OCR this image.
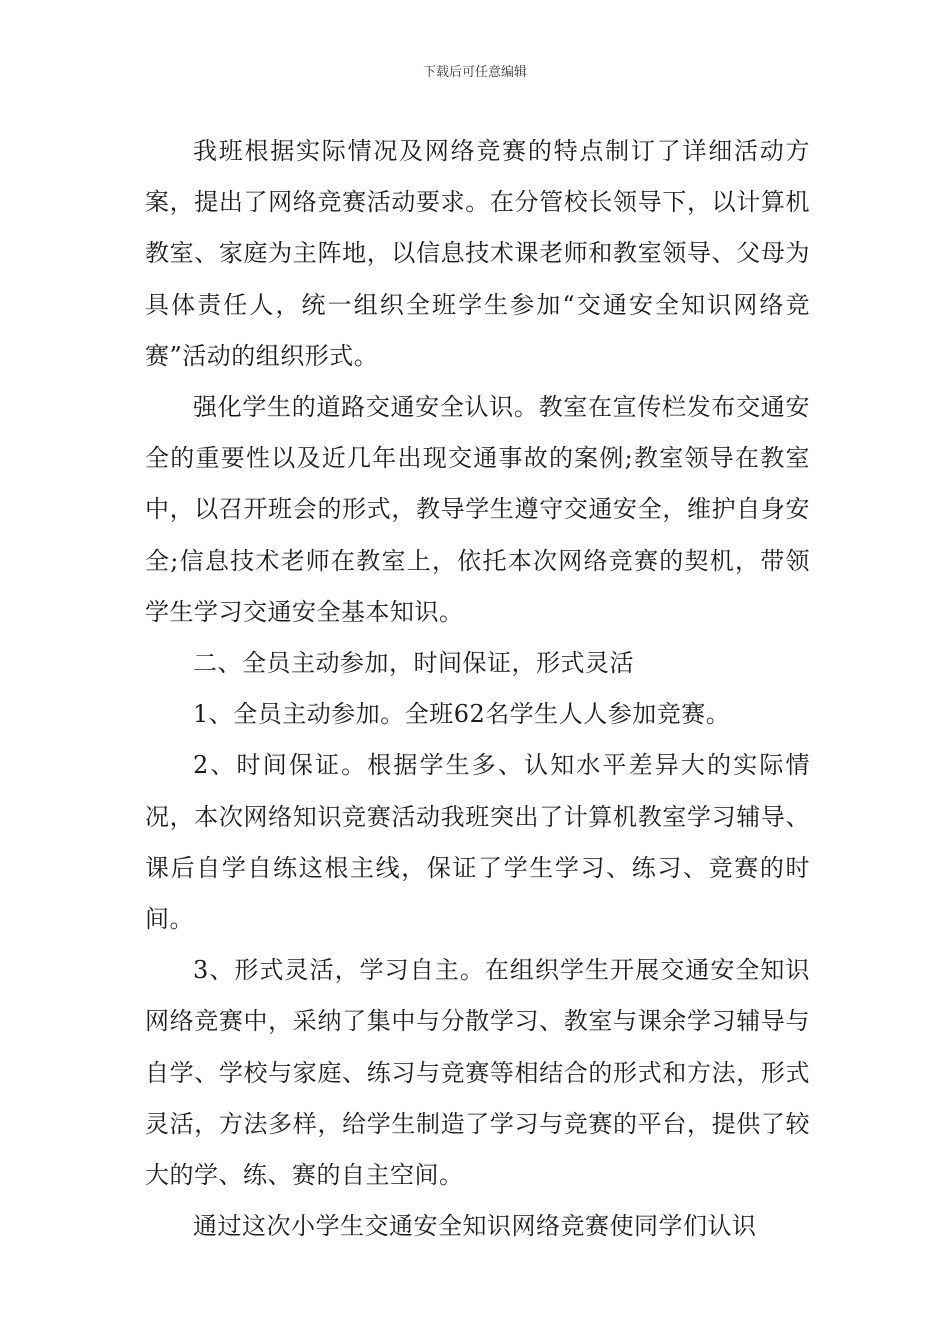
下载后可任意编辑

我班根据实际情况及网络竞赛的特点制订了详细活动方案，提出了网络竞赛活动要求。在分管校长领导下，以计算机教室、家庭为主阵地，以信息技术课老师和教室领导、父母为具体责任人，统一组织全班学生参加“交通安全知识网络竞赛”活动的组织形式。

强化学生的道路交通安全认识。教室在宣传栏发布交通安全的重要性以及近几年出现交通事故的案例;教室领导在教室中，以召开班会的形式，教导学生遵守交通安全，维护自身安全;信息技术老师在教室上，依托本次网络竞赛的契机，带领学生学习交通安全基本知识。

二、全员主动参加，时间保证，形式灵活

1、全员主动参加。全班62名学生人人参加竞赛。

2、时间保证。根据学生多、认知水平差异大的实际情况，本次网络知识竞赛活动我班突出了计算机教室学习辅导、课后自学自练这根主线，保证了学生学习、练习、竞赛的时间。

3、形式灵活，学习自主。在组织学生开展交通安全知识网络竞赛中，采纳了集中与分散学习、教室与课余学习辅导与自学、学校与家庭、练习与竞赛等相结合的形式和方法，形式灵活，方法多样，给学生制造了学习与竞赛的平台，提供了较大的学、练、赛的自主空间。

通过这次小学生交通安全知识网络竞赛使同学们认识
